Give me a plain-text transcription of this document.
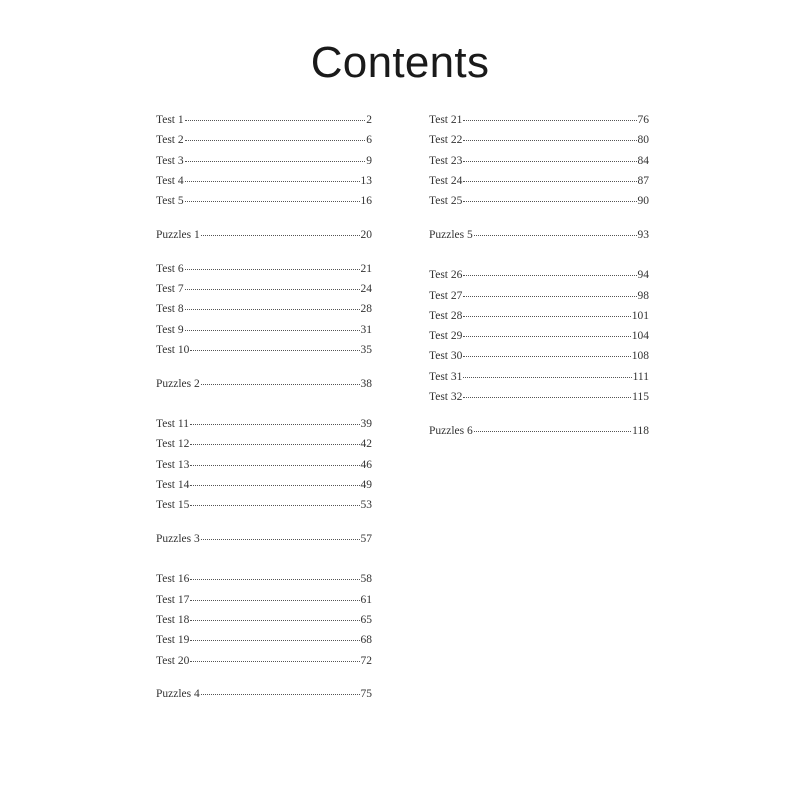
Contents
Test 1	2
Test 2	6
Test 3	9
Test 4	13
Test 5	16
Puzzles 1	20
Test 6	21
Test 7	24
Test 8	28
Test 9	31
Test 10	35
Puzzles 2	38
Test 11	39
Test 12	42
Test 13	46
Test 14	49
Test 15	53
Puzzles 3	57
Test 16	58
Test 17	61
Test 18	65
Test 19	68
Test 20	72
Puzzles 4	75
Test 21	76
Test 22	80
Test 23	84
Test 24	87
Test 25	90
Puzzles 5	93
Test 26	94
Test 27	98
Test 28	101
Test 29	104
Test 30	108
Test 31	111
Test 32	115
Puzzles 6	118
